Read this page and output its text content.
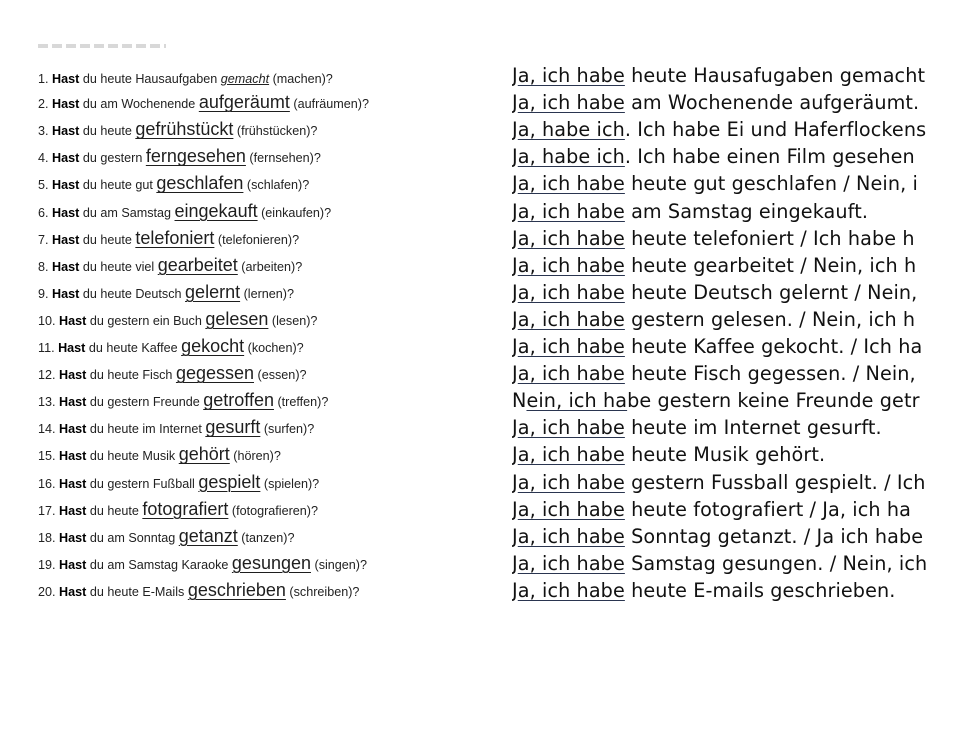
1. Hast du heute Hausaufgaben gemacht (machen)?	Ja, ich habe heute Hausafugaben gemacht
2. Hast du am Wochenende aufgeräumt (aufräumen)?	Ja, ich habe am Wochenende aufgeräumt.
3. Hast du heute gefrühstückt (frühstücken)?	Ja, habe ich. Ich habe Ei und Haferflockens
4. Hast du gestern ferngesehen (fernsehen)?	Ja, habe ich. Ich habe einen Film gesehen
5. Hast du heute gut geschlafen (schlafen)?	Ja, ich habe heute gut geschlafen / Nein, i
6. Hast du am Samstag eingekauft (einkaufen)?	Ja, ich habe am Samstag eingekauft.
7. Hast du heute telefoniert (telefonieren)?	Ja, ich habe heute telefoniert / Ich habe h
8. Hast du heute viel gearbeitet (arbeiten)?	Ja, ich habe heute gearbeitet / Nein, ich h
9. Hast du heute Deutsch gelernt (lernen)?	Ja, ich habe heute Deutsch gelernt / Nein,
10. Hast du gestern ein Buch gelesen (lesen)?	Ja, ich habe gestern gelesen. / Nein, ich h
11. Hast du heute Kaffee gekocht (kochen)?	Ja, ich habe heute Kaffee gekocht. / Ich ha
12. Hast du heute Fisch gegessen (essen)?	Ja, ich habe heute Fisch gegessen. / Nein,
13. Hast du gestern Freunde getroffen (treffen)?	Nein, ich habe gestern keine Freunde getr
14. Hast du heute im Internet gesurft (surfen)?	Ja, ich habe heute im Internet gesurft.
15. Hast du heute Musik gehört (hören)?	Ja, ich habe heute Musik gehört.
16. Hast du gestern Fußball gespielt (spielen)?	Ja, ich habe gestern Fussball gespielt. / Ich
17. Hast du heute fotografiert (fotografieren)?	Ja, ich habe heute fotografiert / Ja, ich ha
18. Hast du am Sonntag getanzt (tanzen)?	Ja, ich habe Sonntag getanzt. / Ja ich habe
19. Hast du am Samstag Karaoke gesungen (singen)?	Ja, ich habe Samstag gesungen. / Nein, ich
20. Hast du heute E-Mails geschrieben (schreiben)?	Ja, ich habe heute E-mails geschrieben.
